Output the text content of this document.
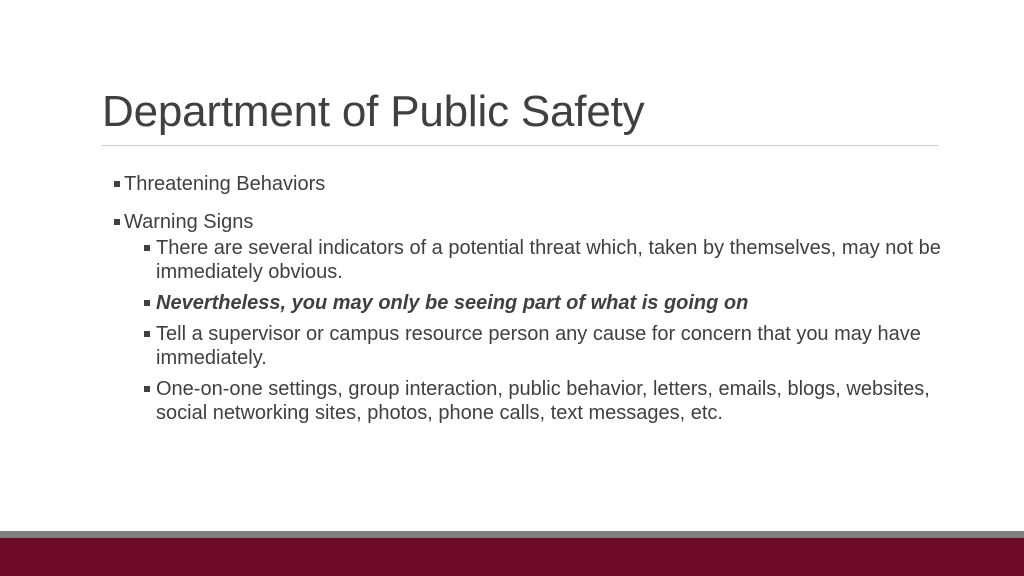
Department of Public Safety
Threatening Behaviors
Warning Signs
There are several indicators of a potential threat which, taken by themselves, may not be immediately obvious.
Nevertheless, you may only be seeing part of what is going on
Tell a supervisor or campus resource person any cause for concern that you may have immediately.
One-on-one settings, group interaction, public behavior, letters, emails, blogs, websites, social networking sites, photos, phone calls, text messages, etc.
